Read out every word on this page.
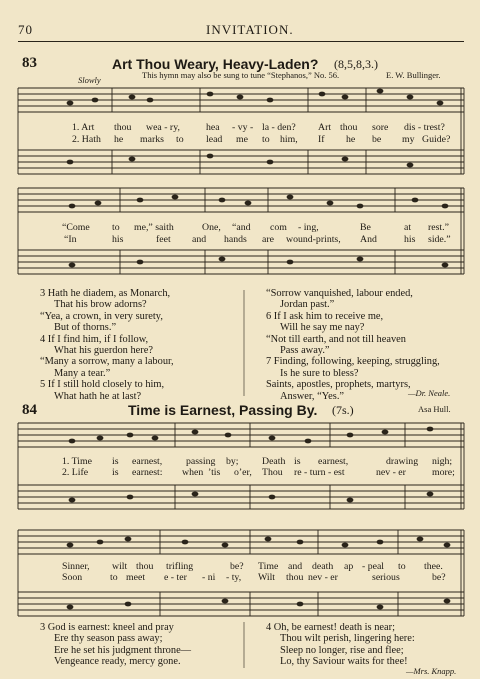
70	INVITATION.
83	Art Thou Weary, Heavy-Laden? (8,5,8,3.)
Slowly	This hymn may also be sung to tune “Stephanos,” No. 56.	E. W. Bullinger.
1. Art thou wea - ry,	hea - vy - la - den? Art thou sore dis - trest?
2. Hath he marks to lead me to him, If he be my Guide?
“Come to me,” saith	One, “and com - ing,	Be	at rest.”
“In	his	feet and hands are wound-prints, And	his side.”
3 Hath he diadem, as Monarch,
That his brow adorns?
“Yea, a crown, in very surety,
But of thorns.”
4 If I find him, if I follow,
What his guerdon here?
“Many a sorrow, many a labour,
Many a tear.”
5 If I still hold closely to him,
What hath he at last?
“Sorrow vanquished, labour ended,
Jordan past.”
6 If I ask him to receive me,
Will he say me nay?
“Not till earth, and not till heaven
Pass away.”
7 Finding, following, keeping, struggling,
Is he sure to bless?
Saints, apostles, prophets, martyrs,
Answer, “Yes.”	—Dr. Neale.
84	Time is Earnest, Passing By. (7s.)	Asa Hull.
1. Time is earnest, passing by; Death is earnest,	drawing nigh;
2. Life is earnest: when ’tis o’er, Thou re - turn - est	nev - er	more;
Sinner, wilt thou trifling	be? Time and death ap - peal to thee.
Soon	to meet e - ter - ni - ty, Wilt thou nev - er	serious	be?
3 God is earnest: kneel and pray
Ere thy season pass away;
Ere he set his judgment throne—
Vengeance ready, mercy gone.
4 Oh, be earnest! death is near;
Thou wilt perish, lingering here:
Sleep no longer, rise and flee;
Lo, thy Saviour waits for thee!
—Mrs. Knapp.
